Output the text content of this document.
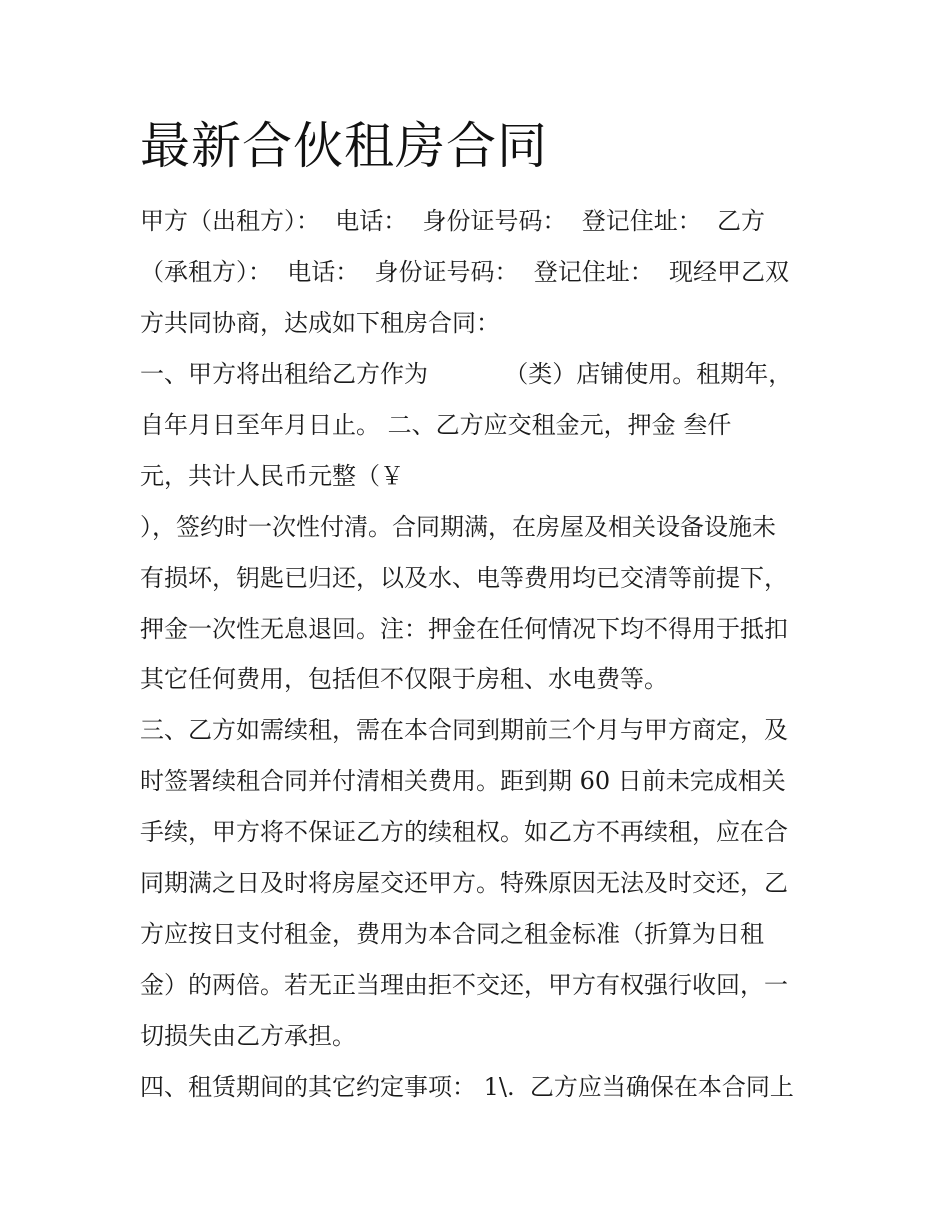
最新合伙租房合同
甲方（出租方）：  电话：  身份证号码：  登记住址：  乙方
（承租方）：  电话：  身份证号码：  登记住址：  现经甲乙双
方共同协商，达成如下租房合同：
一、甲方将出租给乙方作为          （类）店铺使用。租期年，
自年月日至年月日止。 二、乙方应交租金元，押金 叁仟
元，共计人民币元整（￥
），签约时一次性付清。合同期满，在房屋及相关设备设施未
有损坏，钥匙已归还，以及水、电等费用均已交清等前提下，
押金一次性无息退回。注：押金在任何情况下均不得用于抵扣
其它任何费用，包括但不仅限于房租、水电费等。
三、乙方如需续租，需在本合同到期前三个月与甲方商定，及
时签署续租合同并付清相关费用。距到期 60 日前未完成相关
手续，甲方将不保证乙方的续租权。如乙方不再续租，应在合
同期满之日及时将房屋交还甲方。特殊原因无法及时交还，乙
方应按日支付租金，费用为本合同之租金标准（折算为日租
金）的两倍。若无正当理由拒不交还，甲方有权强行收回，一
切损失由乙方承担。
四、租赁期间的其它约定事项： 1\.  乙方应当确保在本合同上
